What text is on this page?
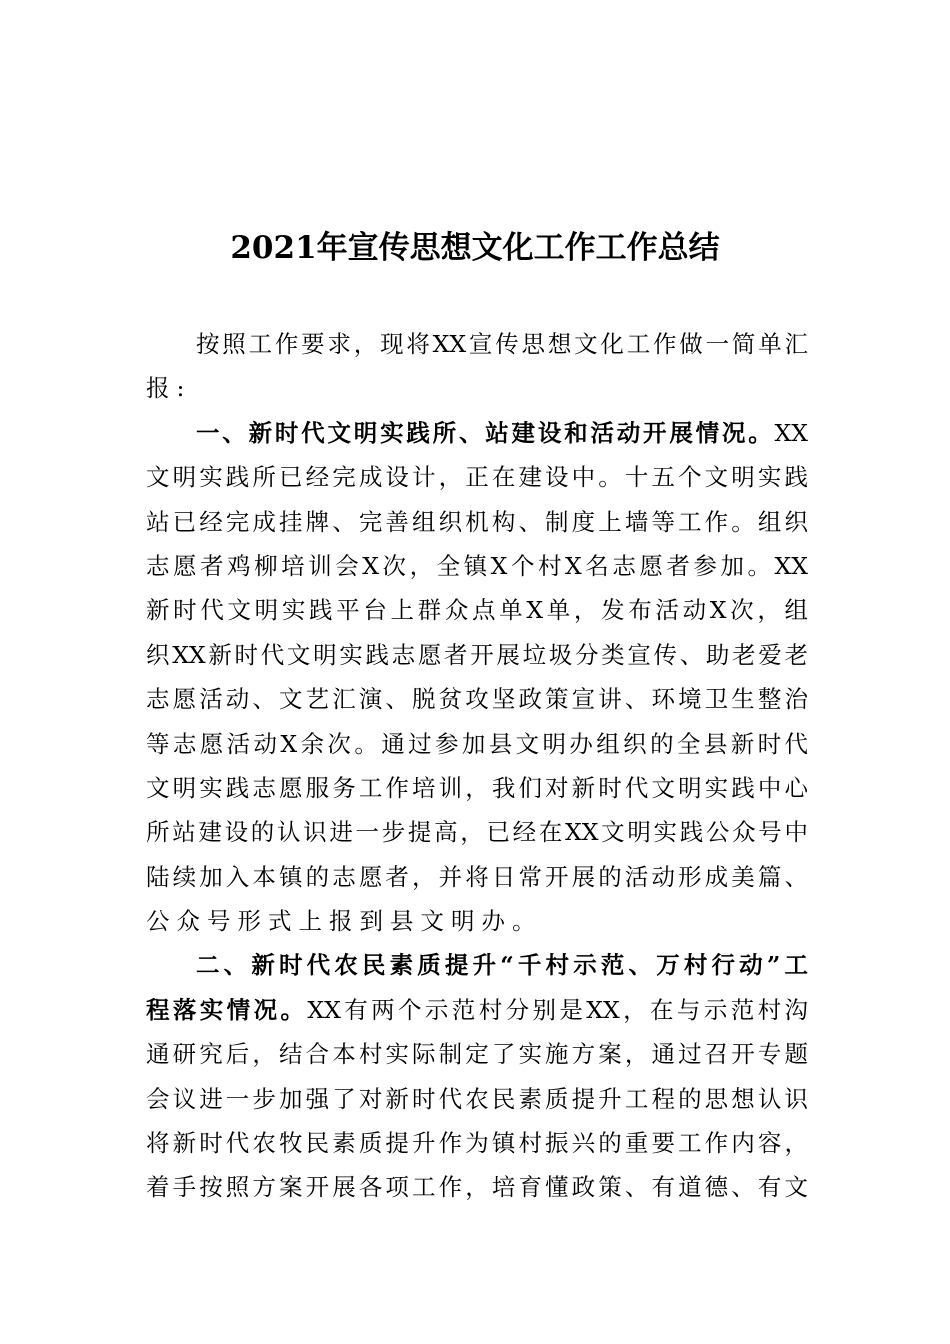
2021年宣传思想文化工作工作总结
按照工作要求，现将XX宣传思想文化工作做一简单汇
报:
一、新时代文明实践所、站建设和活动开展情况。XX
文明实践所已经完成设计，正在建设中。十五个文明实践
站已经完成挂牌、完善组织机构、制度上墙等工作。组织
志愿者鸡柳培训会X次，全镇X个村X名志愿者参加。XX
新时代文明实践平台上群众点单X单，发布活动X次，组
织XX新时代文明实践志愿者开展垃圾分类宣传、助老爱老
志愿活动、文艺汇演、脱贫攻坚政策宣讲、环境卫生整治
等志愿活动X余次。通过参加县文明办组织的全县新时代
文明实践志愿服务工作培训，我们对新时代文明实践中心
所站建设的认识进一步提高，已经在XX文明实践公众号中
陆续加入本镇的志愿者，并将日常开展的活动形成美篇、
公众号形式上报到县文明办。
二、新时代农民素质提升“千村示范、万村行动”工
程落实情况。XX有两个示范村分别是XX，在与示范村沟
通研究后，结合本村实际制定了实施方案，通过召开专题
会议进一步加强了对新时代农民素质提升工程的思想认识
将新时代农牧民素质提升作为镇村振兴的重要工作内容，
着手按照方案开展各项工作，培育懂政策、有道德、有文
